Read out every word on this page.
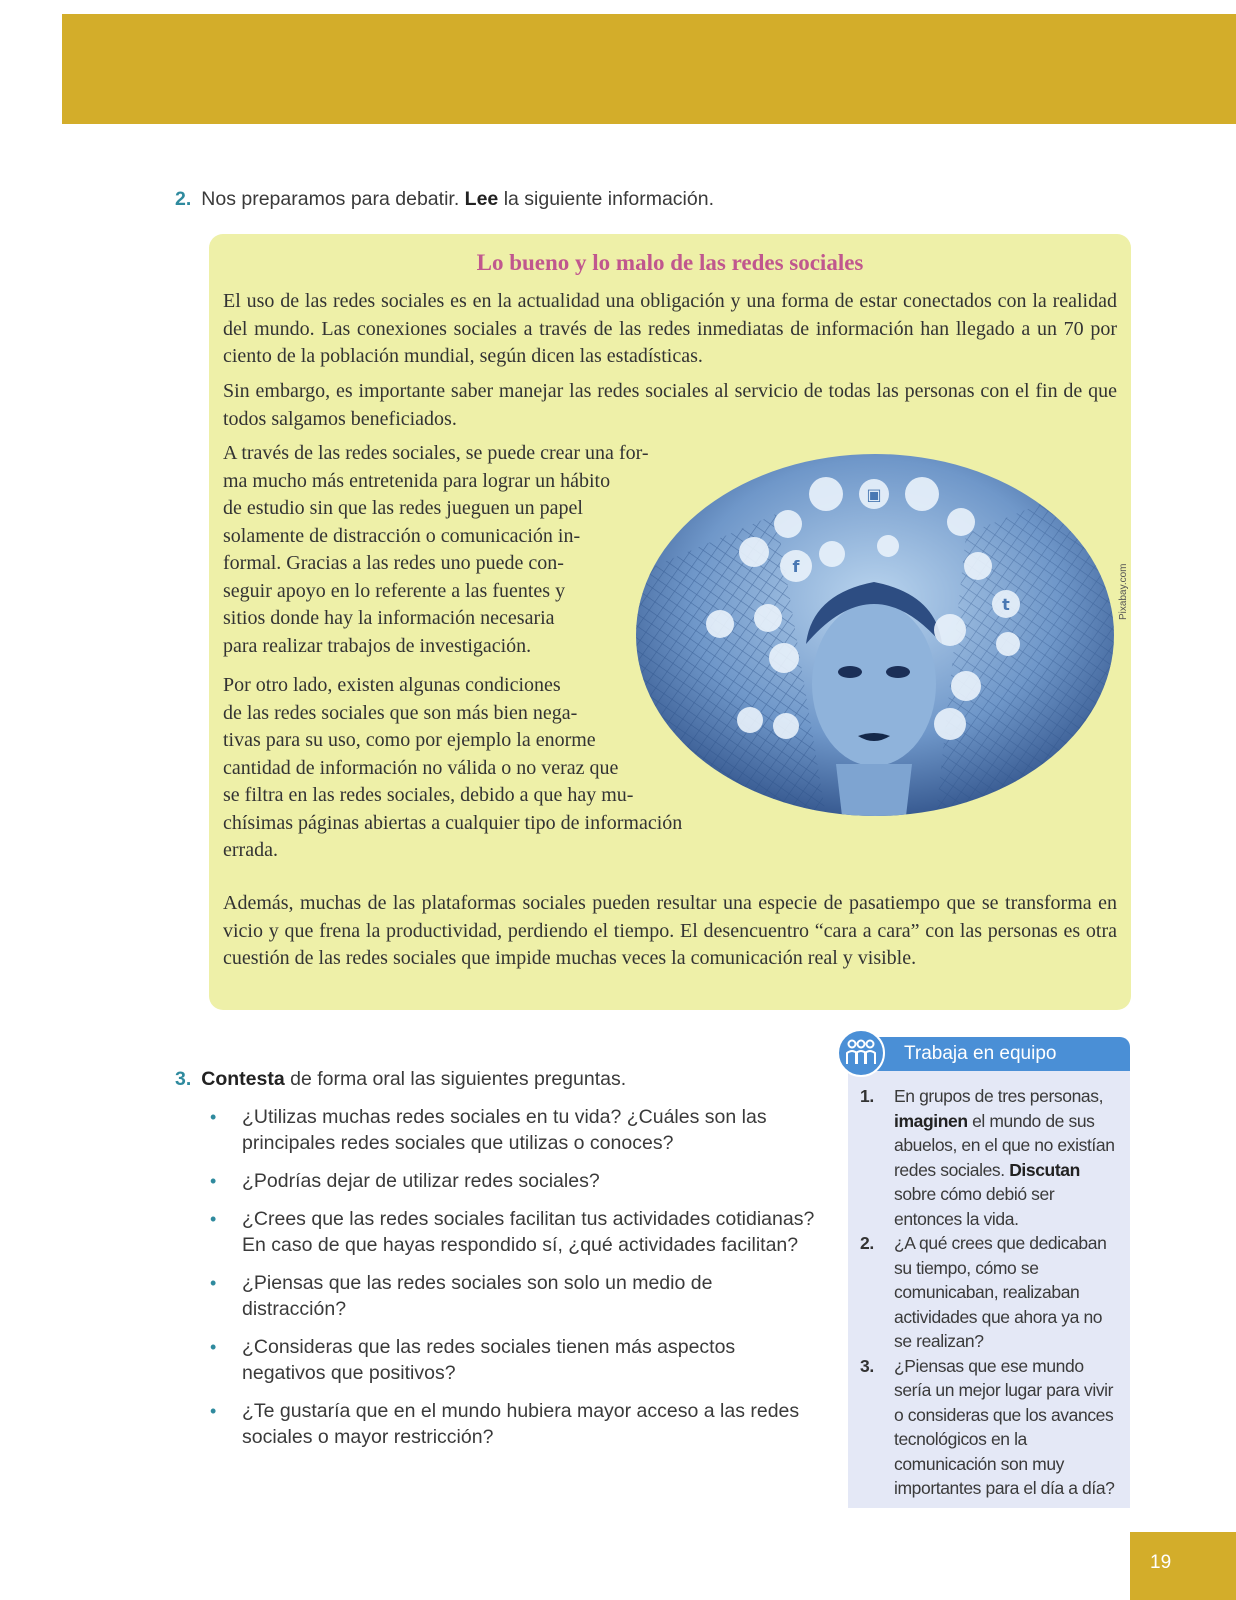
2. Nos preparamos para debatir. Lee la siguiente información.
Lo bueno y lo malo de las redes sociales
El uso de las redes sociales es en la actualidad una obligación y una forma de estar conectados con la realidad del mundo. Las conexiones sociales a través de las redes inmediatas de información han llegado a un 70 por ciento de la población mundial, según dicen las estadísticas.
Sin embargo, es importante saber manejar las redes sociales al servicio de todas las personas con el fin de que todos salgamos beneficiados.
A través de las redes sociales, se puede crear una for-
ma mucho más entretenida para lograr un hábito
de estudio sin que las redes jueguen un papel
solamente de distracción o comunicación in-
formal. Gracias a las redes uno puede con-
seguir apoyo en lo referente a las fuentes y
sitios donde hay la información necesaria
para realizar trabajos de investigación.
Por otro lado, existen algunas condiciones
de las redes sociales que son más bien nega-
tivas para su uso, como por ejemplo la enorme
cantidad de información no válida o no veraz que
se filtra en las redes sociales, debido a que hay mu-
chísimas páginas abiertas a cualquier tipo de información
errada.
Además, muchas de las plataformas sociales pueden resultar una especie de pasatiempo que se transforma en vicio y que frena la productividad, perdiendo el tiempo. El desencuentro “cara a cara” con las personas es otra cuestión de las redes sociales que impide muchas veces la comunicación real y visible.
f
t
▣
Pixabay.com
3. Contesta de forma oral las siguientes preguntas.
• ¿Utilizas muchas redes sociales en tu vida? ¿Cuáles son las principales redes sociales que utilizas o conoces?
• ¿Podrías dejar de utilizar redes sociales?
• ¿Crees que las redes sociales facilitan tus actividades cotidianas? En caso de que hayas respondido sí, ¿qué actividades facilitan?
• ¿Piensas que las redes sociales son solo un medio de distracción?
• ¿Consideras que las redes sociales tienen más aspectos negativos que positivos?
• ¿Te gustaría que en el mundo hubiera mayor acceso a las redes sociales o mayor restricción?
Trabaja en equipo
1. En grupos de tres personas, imaginen el mundo de sus abuelos, en el que no existían redes sociales. Discutan sobre cómo debió ser entonces la vida.
2. ¿A qué crees que dedicaban su tiempo, cómo se comunicaban, realizaban actividades que ahora ya no se realizan?
3. ¿Piensas que ese mundo sería un mejor lugar para vivir o consideras que los avances tecnológicos en la comunicación son muy importantes para el día a día?
19
